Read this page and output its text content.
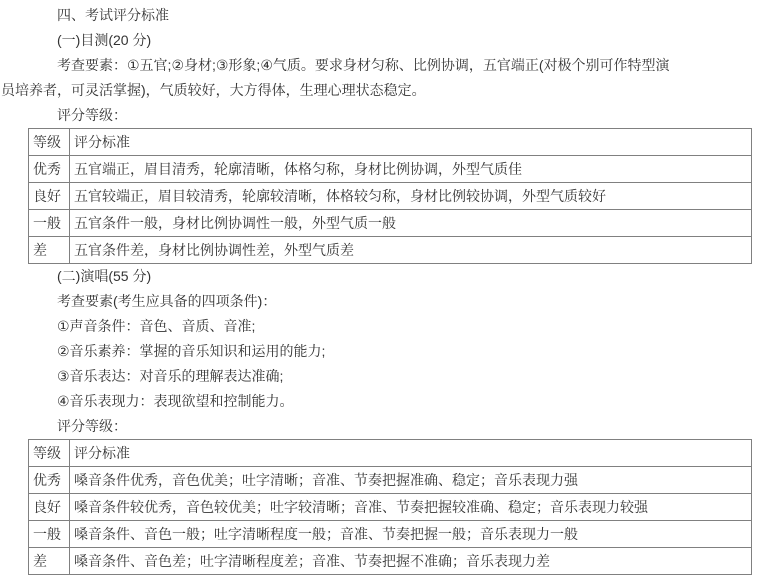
四、考试评分标准

(一)目测(20 分)

考查要素：①五官;②身材;③形象;④气质。要求身材匀称、比例协调，五官端正(对极个别可作特型演

员培养者，可灵活掌握)，气质较好，大方得体，生理心理状态稳定。

评分等级：

等级	评分标准
优秀	五官端正，眉目清秀，轮廓清晰，体格匀称，身材比例协调，外型气质佳
良好	五官较端正，眉目较清秀，轮廓较清晰，体格较匀称，身材比例较协调，外型气质较好
一般	五官条件一般，身材比例协调性一般，外型气质一般
差	五官条件差，身材比例协调性差，外型气质差

(二)演唱(55 分)

考查要素(考生应具备的四项条件)：

①声音条件：音色、音质、音准;

②音乐素养：掌握的音乐知识和运用的能力;

③音乐表达：对音乐的理解表达准确;

④音乐表现力：表现欲望和控制能力。

评分等级：

等级	评分标准
优秀	嗓音条件优秀，音色优美；吐字清晰；音准、节奏把握准确、稳定；音乐表现力强
良好	嗓音条件较优秀，音色较优美；吐字较清晰；音准、节奏把握较准确、稳定；音乐表现力较强
一般	嗓音条件、音色一般；吐字清晰程度一般；音准、节奏把握一般；音乐表现力一般
差	嗓音条件、音色差；吐字清晰程度差；音准、节奏把握不准确；音乐表现力差
